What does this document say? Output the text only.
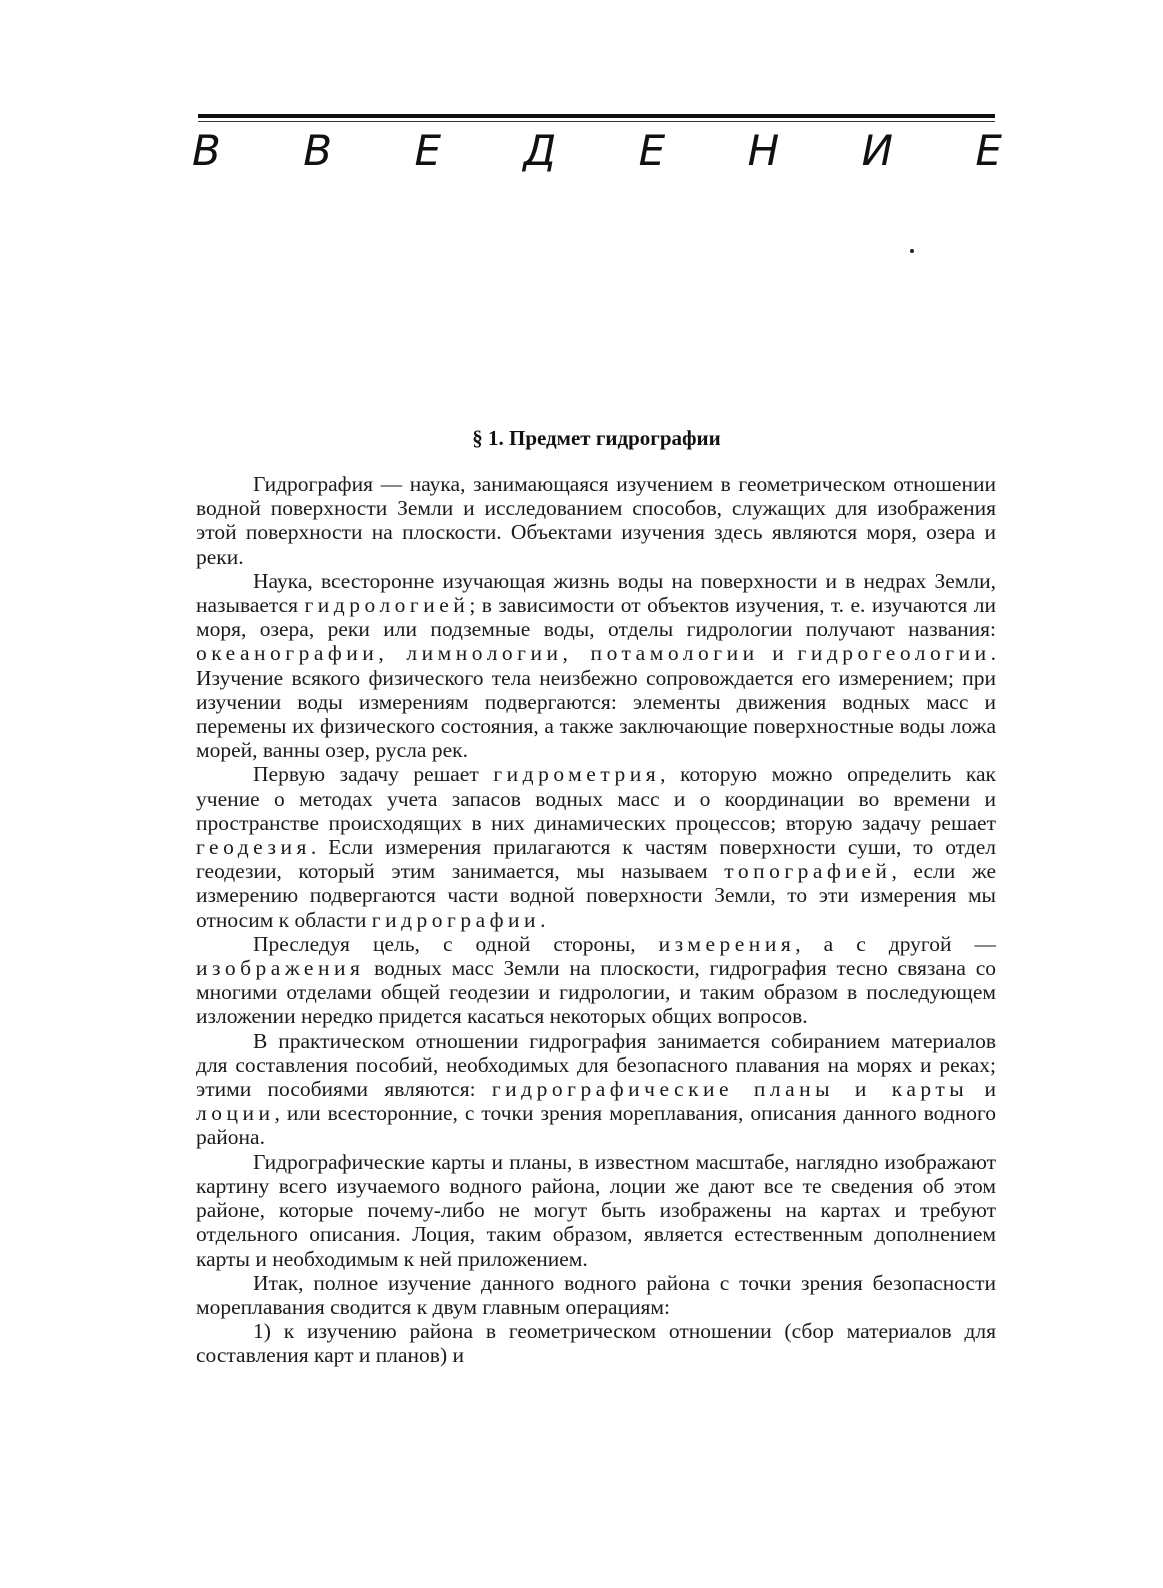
В В Е Д Е Н И Е
§ 1. Предмет гидрографии

Гидрография — наука, занимающаяся изучением в геометрическом отношении водной поверхности Земли и исследованием способов, служащих для изображения этой поверхности на плоскости. Объектами изучения здесь являются моря, озера и реки.

Наука, всесторонне изучающая жизнь воды на поверхности и в недрах Земли, называется гидрологией; в зависимости от объектов изучения, т. е. изучаются ли моря, озера, реки или подземные воды, отделы гидрологии получают названия: океанографии, лимнологии, потамологии и гидрогеологии. Изучение всякого физического тела неизбежно сопровождается его измерением; при изучении воды измерениям подвергаются: элементы движения водных масс и перемены их физического состояния, а также заключающие поверхностные воды ложа морей, ванны озер, русла рек.

Первую задачу решает гидрометрия, которую можно определить как учение о методах учета запасов водных масс и о координации во времени и пространстве происходящих в них динамических процессов; вторую задачу решает геодезия. Если измерения прилагаются к частям поверхности суши, то отдел геодезии, который этим занимается, мы называем топографией, если же измерению подвергаются части водной поверхности Земли, то эти измерения мы относим к области гидрографии.

Преследуя цель, с одной стороны, измерения, а с другой — изображения водных масс Земли на плоскости, гидрография тесно связана со многими отделами общей геодезии и гидрологии, и таким образом в последующем изложении нередко придется касаться некоторых общих вопросов.

В практическом отношении гидрография занимается собиранием материалов для составления пособий, необходимых для безопасного плавания на морях и реках; этими пособиями являются: гидрографические планы и карты и лоции, или всесторонние, с точки зрения мореплавания, описания данного водного района.

Гидрографические карты и планы, в известном масштабе, наглядно изображают картину всего изучаемого водного района, лоции же дают все те сведения об этом районе, которые почему-либо не могут быть изображены на картах и требуют отдельного описания. Лоция, таким образом, является естественным дополнением карты и необходимым к ней приложением.

Итак, полное изучение данного водного района с точки зрения безопасности мореплавания сводится к двум главным операциям:

1) к изучению района в геометрическом отношении (сбор материалов для составления карт и планов) и
